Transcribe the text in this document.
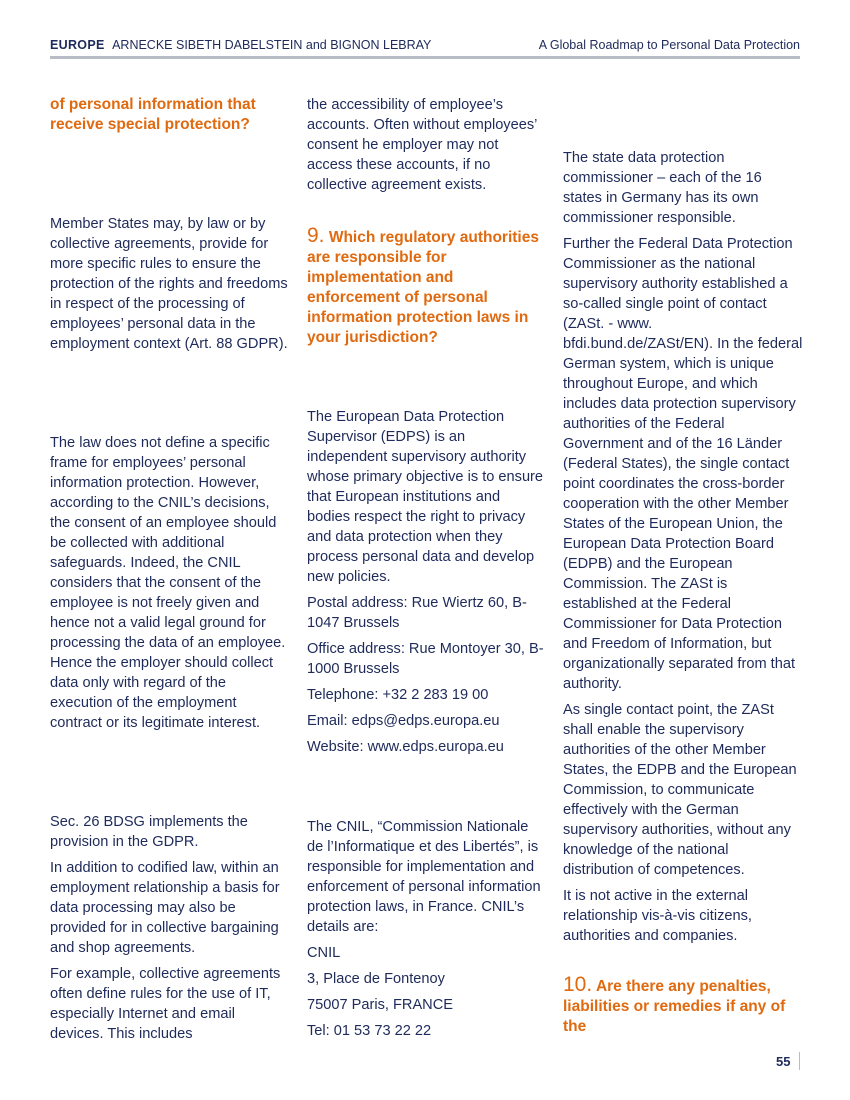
EUROPE ARNECKE SIBETH DABELSTEIN and BIGNON LEBRAY	A Global Roadmap to Personal Data Protection
of personal information that receive special protection?

Member States may, by law or by collective agreements, provide for more specific rules to ensure the protection of the rights and freedoms in respect of the processing of employees’ personal data in the employment context (Art. 88 GDPR).

The law does not define a specific frame for employees’ personal information protection. However, according to the CNIL’s decisions, the consent of an employee should be collected with additional safeguards. Indeed, the CNIL considers that the consent of the employee is not freely given and hence not a valid legal ground for processing the data of an employee. Hence the employer should collect data only with regard of the execution of the employment contract or its legitimate interest.

Sec. 26 BDSG implements the provision in the GDPR.

In addition to codified law, within an employment relationship a basis for data processing may also be provided for in collective bargaining and shop agreements.

For example, collective agreements often define rules for the use of IT, especially Internet and email devices. This includes

the accessibility of employee’s accounts. Often without employees’ consent he employer may not access these accounts, if no collective agreement exists.

9. Which regulatory authorities are responsible for implementation and enforcement of personal information protection laws in your jurisdiction?

The European Data Protection Supervisor (EDPS) is an independent supervisory authority whose primary objective is to ensure that European institutions and bodies respect the right to privacy and data protection when they process personal data and develop new policies.

Postal address: Rue Wiertz 60, B-1047 Brussels

Office address: Rue Montoyer 30, B-1000 Brussels

Telephone: +32 2 283 19 00

Email: edps@edps.europa.eu

Website: www.edps.europa.eu

The CNIL, “Commission Nationale de l’Informatique et des Libertés”, is responsible for implementation and enforcement of personal information protection laws, in France. CNIL’s details are:

CNIL

3, Place de Fontenoy

75007 Paris, FRANCE

Tel: 01 53 73 22 22

The state data protection commissioner – each of the 16 states in Germany has its own commissioner responsible.

Further the Federal Data Protection Commissioner as the national supervisory authority established a so-called single point of contact (ZASt. - www. bfdi.bund.de/ZASt/EN). In the federal German system, which is unique throughout Europe, and which includes data protection supervisory authorities of the Federal Government and of the 16 Länder (Federal States), the single contact point coordinates the cross-border cooperation with the other Member States of the European Union, the European Data Protection Board (EDPB) and the European Commission. The ZASt is established at the Federal Commissioner for Data Protection and Freedom of Information, but organizationally separated from that authority.

As single contact point, the ZASt shall enable the supervisory authorities of the other Member States, the EDPB and the European Commission, to communicate effectively with the German supervisory authorities, without any knowledge of the national distribution of competences.

It is not active in the external relationship vis-à-vis citizens, authorities and companies.

10. Are there any penalties, liabilities or remedies if any of the
55
